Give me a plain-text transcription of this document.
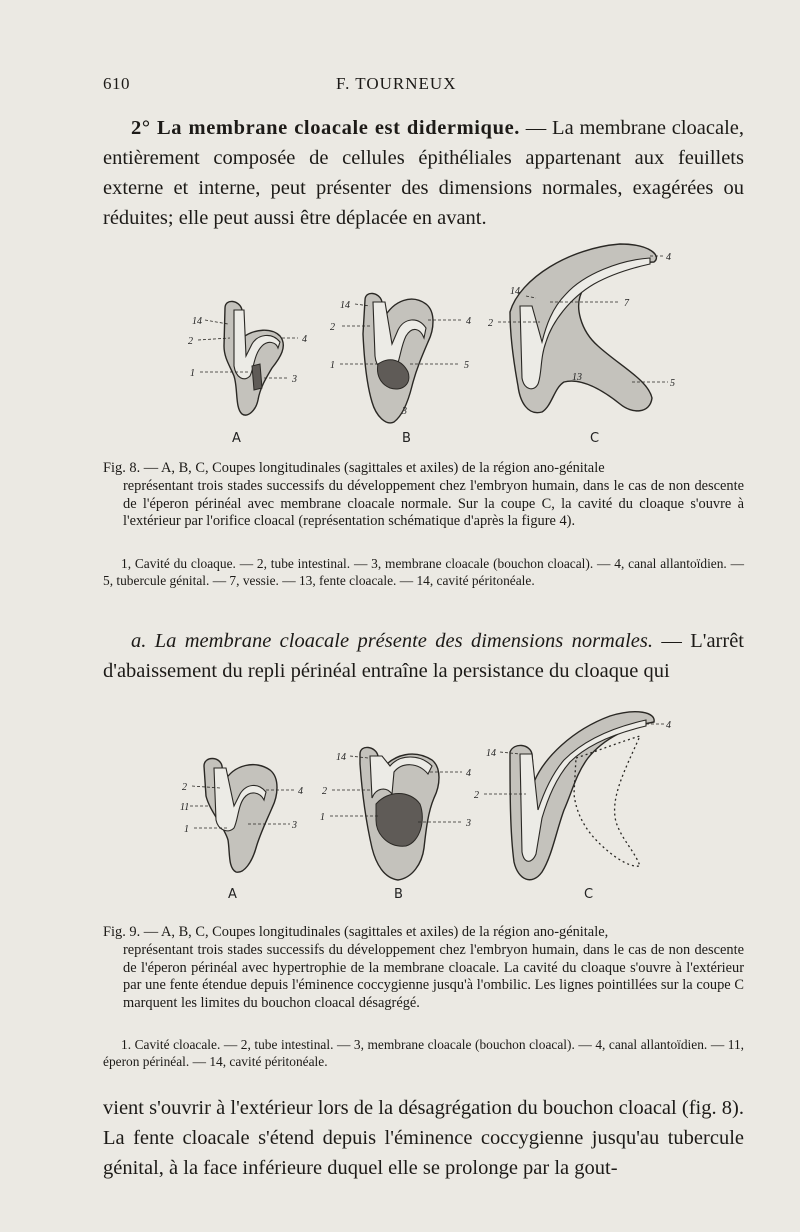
610	F. TOURNEUX

2° La membrane cloacale est didermique. — La membrane cloacale, entièrement composée de cellules épithéliales appartenant aux feuillets externe et interne, peut présenter des dimensions normales, exagérées ou réduites; elle peut aussi être déplacée en avant.

14
2	4
1
3
A
14
2
4
1	5
3
B
4
14
2
7
13
5
C

Fig. 8. — A, B, C, Coupes longitudinales (sagittales et axiles) de la région ano-génitale
représentant trois stades successifs du développement chez l'embryon humain, dans le cas de non descente de l'éperon périnéal avec membrane cloacale normale. Sur la coupe C, la cavité du cloaque s'ouvre à l'extérieur par l'orifice cloacal (représentation schématique d'après la figure 4).

1, Cavité du cloaque. — 2, tube intestinal. — 3, membrane cloacale (bouchon cloacal). — 4, canal allantoïdien. — 5, tubercule génital. — 7, vessie. — 13, fente cloacale. — 14, cavité péritonéale.

a. La membrane cloacale présente des dimensions normales. — L'arrêt d'abaissement du repli périnéal entraîne la persistance du cloaque qui

2	4
11
1	3
A
14
4
2
1
3
B
4
14
2
C

Fig. 9. — A, B, C, Coupes longitudinales (sagittales et axiles) de la région ano-génitale,
représentant trois stades successifs du développement chez l'embryon humain, dans le cas de non descente de l'éperon périnéal avec hypertrophie de la membrane cloacale. La cavité du cloaque s'ouvre à l'extérieur par une fente étendue depuis l'éminence coccygienne jusqu'à l'ombilic. Les lignes pointillées sur la coupe C marquent les limites du bouchon cloacal désagrégé.

1. Cavité cloacale. — 2, tube intestinal. — 3, membrane cloacale (bouchon cloacal). — 4, canal allantoïdien. — 11, éperon périnéal. — 14, cavité péritonéale.

vient s'ouvrir à l'extérieur lors de la désagrégation du bouchon cloacal (fig. 8). La fente cloacale s'étend depuis l'éminence coccygienne jusqu'au tubercule génital, à la face inférieure duquel elle se prolonge par la gout-
